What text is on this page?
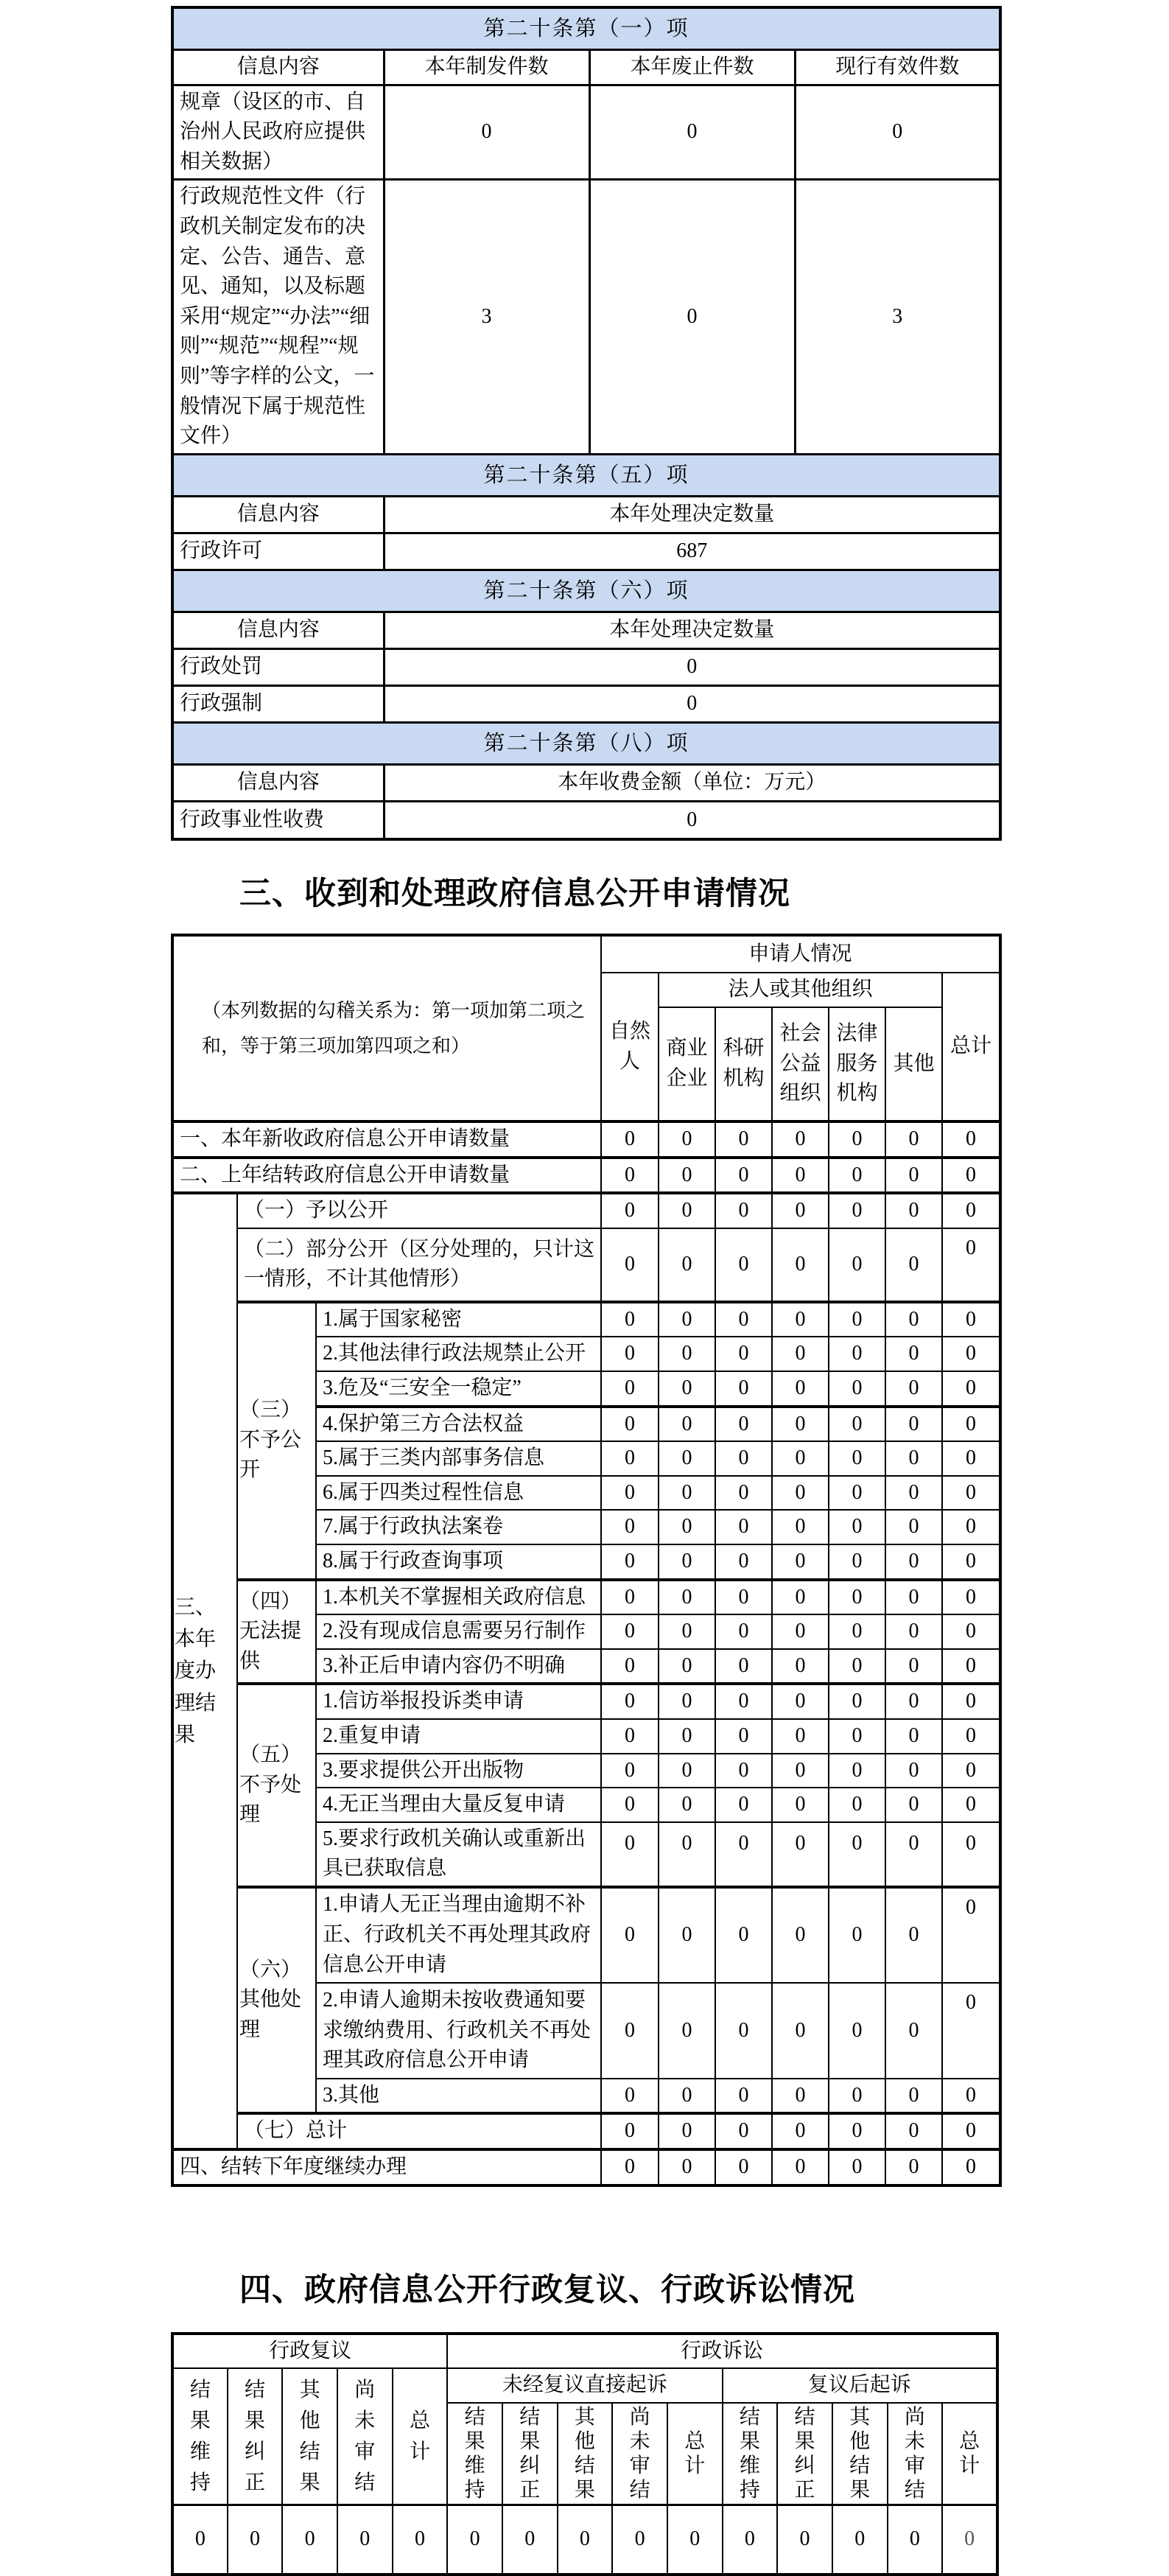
第二十条第（一）项			
信息内容	本年制发件数	本年废止件数	现行有效件数
规章（设区的市、自治州人民政府应提供相关数据）	0	0	0
行政规范性文件（行政机关制定发布的决定、公告、通告、意见、通知，以及标题采用“规定”“办法”“细则”“规范”“规程”“规则”等字样的公文，一般情况下属于规范性文件）	3	0	3
第二十条第（五）项			
信息内容	本年处理决定数量		
行政许可	687		
第二十条第（六）项			
信息内容	本年处理决定数量		
行政处罚	0		
行政强制	0		
第二十条第（八）项			
信息内容	本年收费金额（单位：万元）		
行政事业性收费	0		
三、收到和处理政府信息公开申请情况
（本列数据的勾稽关系为：第一项加第二项之和，等于第三项加第四项之和）			申请人情况						
			自然人	法人或其他组织					总计
				商业企业	科研机构	社会公益组织	法律服务机构	其他	
一、本年新收政府信息公开申请数量			0	0	0	0	0	0	0
二、上年结转政府信息公开申请数量			0	0	0	0	0	0	0
三、本年度办理结果	（一）予以公开		0	0	0	0	0	0	0
	（二）部分公开（区分处理的，只计这一情形，不计其他情形）		0	0	0	0	0	0	0
	（三）不予公开	1.属于国家秘密	0	0	0	0	0	0	0
		2.其他法律行政法规禁止公开	0	0	0	0	0	0	0
		3.危及“三安全一稳定”	0	0	0	0	0	0	0
		4.保护第三方合法权益	0	0	0	0	0	0	0
		5.属于三类内部事务信息	0	0	0	0	0	0	0
		6.属于四类过程性信息	0	0	0	0	0	0	0
		7.属于行政执法案卷	0	0	0	0	0	0	0
		8.属于行政查询事项	0	0	0	0	0	0	0
	（四）无法提供	1.本机关不掌握相关政府信息	0	0	0	0	0	0	0
		2.没有现成信息需要另行制作	0	0	0	0	0	0	0
		3.补正后申请内容仍不明确	0	0	0	0	0	0	0
	（五）不予处理	1.信访举报投诉类申请	0	0	0	0	0	0	0
		2.重复申请	0	0	0	0	0	0	0
		3.要求提供公开出版物	0	0	0	0	0	0	0
		4.无正当理由大量反复申请	0	0	0	0	0	0	0
		5.要求行政机关确认或重新出具已获取信息	0	0	0	0	0	0	0
	（六）其他处理	1.申请人无正当理由逾期不补正、行政机关不再处理其政府信息公开申请	0	0	0	0	0	0	0
		2.申请人逾期未按收费通知要求缴纳费用、行政机关不再处理其政府信息公开申请	0	0	0	0	0	0	0
		3.其他	0	0	0	0	0	0	0
	（七）总计		0	0	0	0	0	0	0
四、结转下年度继续办理			0	0	0	0	0	0	0
四、政府信息公开行政复议、行政诉讼情况
行政复议					行政诉讼									

结果维持	结果纠正	其他结果	尚未审结	总计	未经复议直接起诉					复议后起诉				

					结果维持	结果纠正	其他结果	尚未审结	总计	结果维持	结果纠正	其他结果	尚未审结	总计

0	0	0	0	0	0	0	0	0	0	0	0	0	0	0
